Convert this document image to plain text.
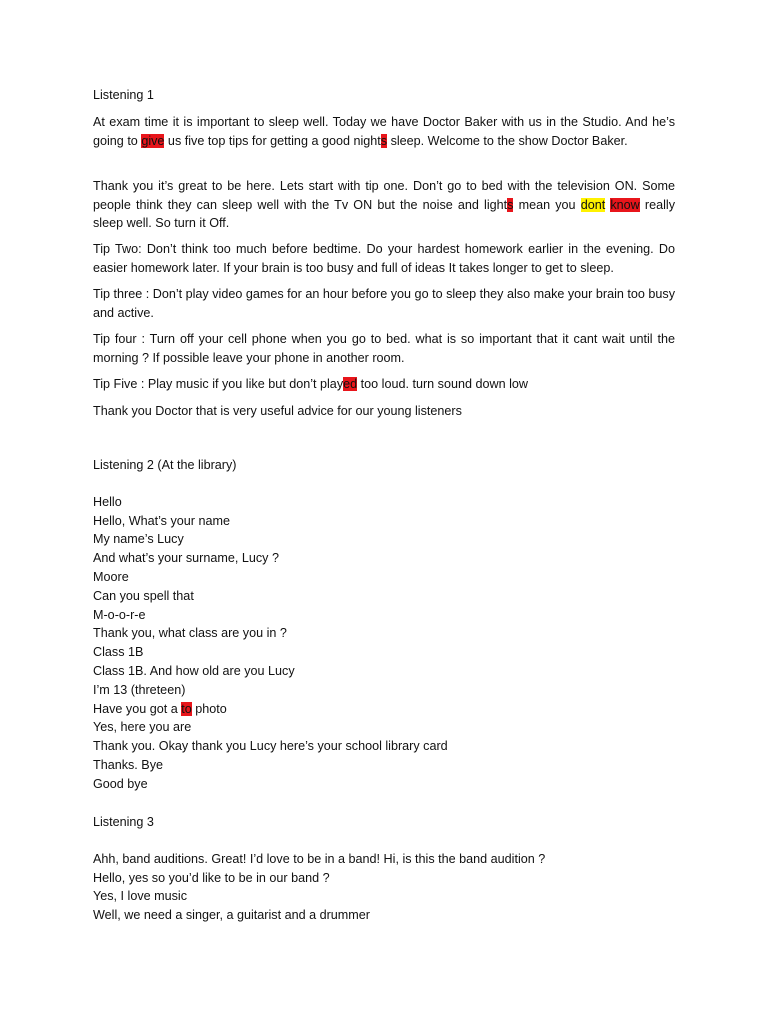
Listening 1
At exam time it is important to sleep well. Today we have Doctor Baker with us in the Studio. And he’s going to give us five top tips for getting a good nights sleep. Welcome to the show Doctor Baker.
Thank you it’s great to be here. Lets start with tip one. Don’t go to bed with the television ON. Some people think they can sleep well with the Tv ON but the noise and lights mean you dont know really sleep well. So turn it Off.
Tip Two: Don’t think too much before bedtime. Do your hardest homework earlier in the evening. Do easier homework later. If your brain is too busy and full of ideas It takes longer to get to sleep.
Tip three : Don’t play video games for an hour before you go to sleep they also make your brain too busy and active.
Tip four : Turn off your cell phone when you go to bed. what is so important that it cant wait until the morning ? If possible leave your phone in another room.
Tip Five : Play music if you like but don’t played too loud. turn sound down low
Thank you Doctor that is very useful advice for our young listeners
Listening 2 (At the library)
Hello
Hello, What’s your name
My name’s Lucy
And what’s your surname, Lucy ?
Moore
Can you spell that
M-o-o-r-e
Thank you, what class are you in ?
Class 1B
Class 1B. And how old are you Lucy
I’m 13 (threteen)
Have you got a to photo
Yes, here you are
Thank you. Okay thank you Lucy here’s your school library card
Thanks. Bye
Good bye
Listening 3
Ahh, band auditions. Great! I’d love to be in a band! Hi, is this the band audition ?
Hello, yes so you’d like to be in our band ?
Yes, I love music
Well, we need a singer, a guitarist and a drummer
